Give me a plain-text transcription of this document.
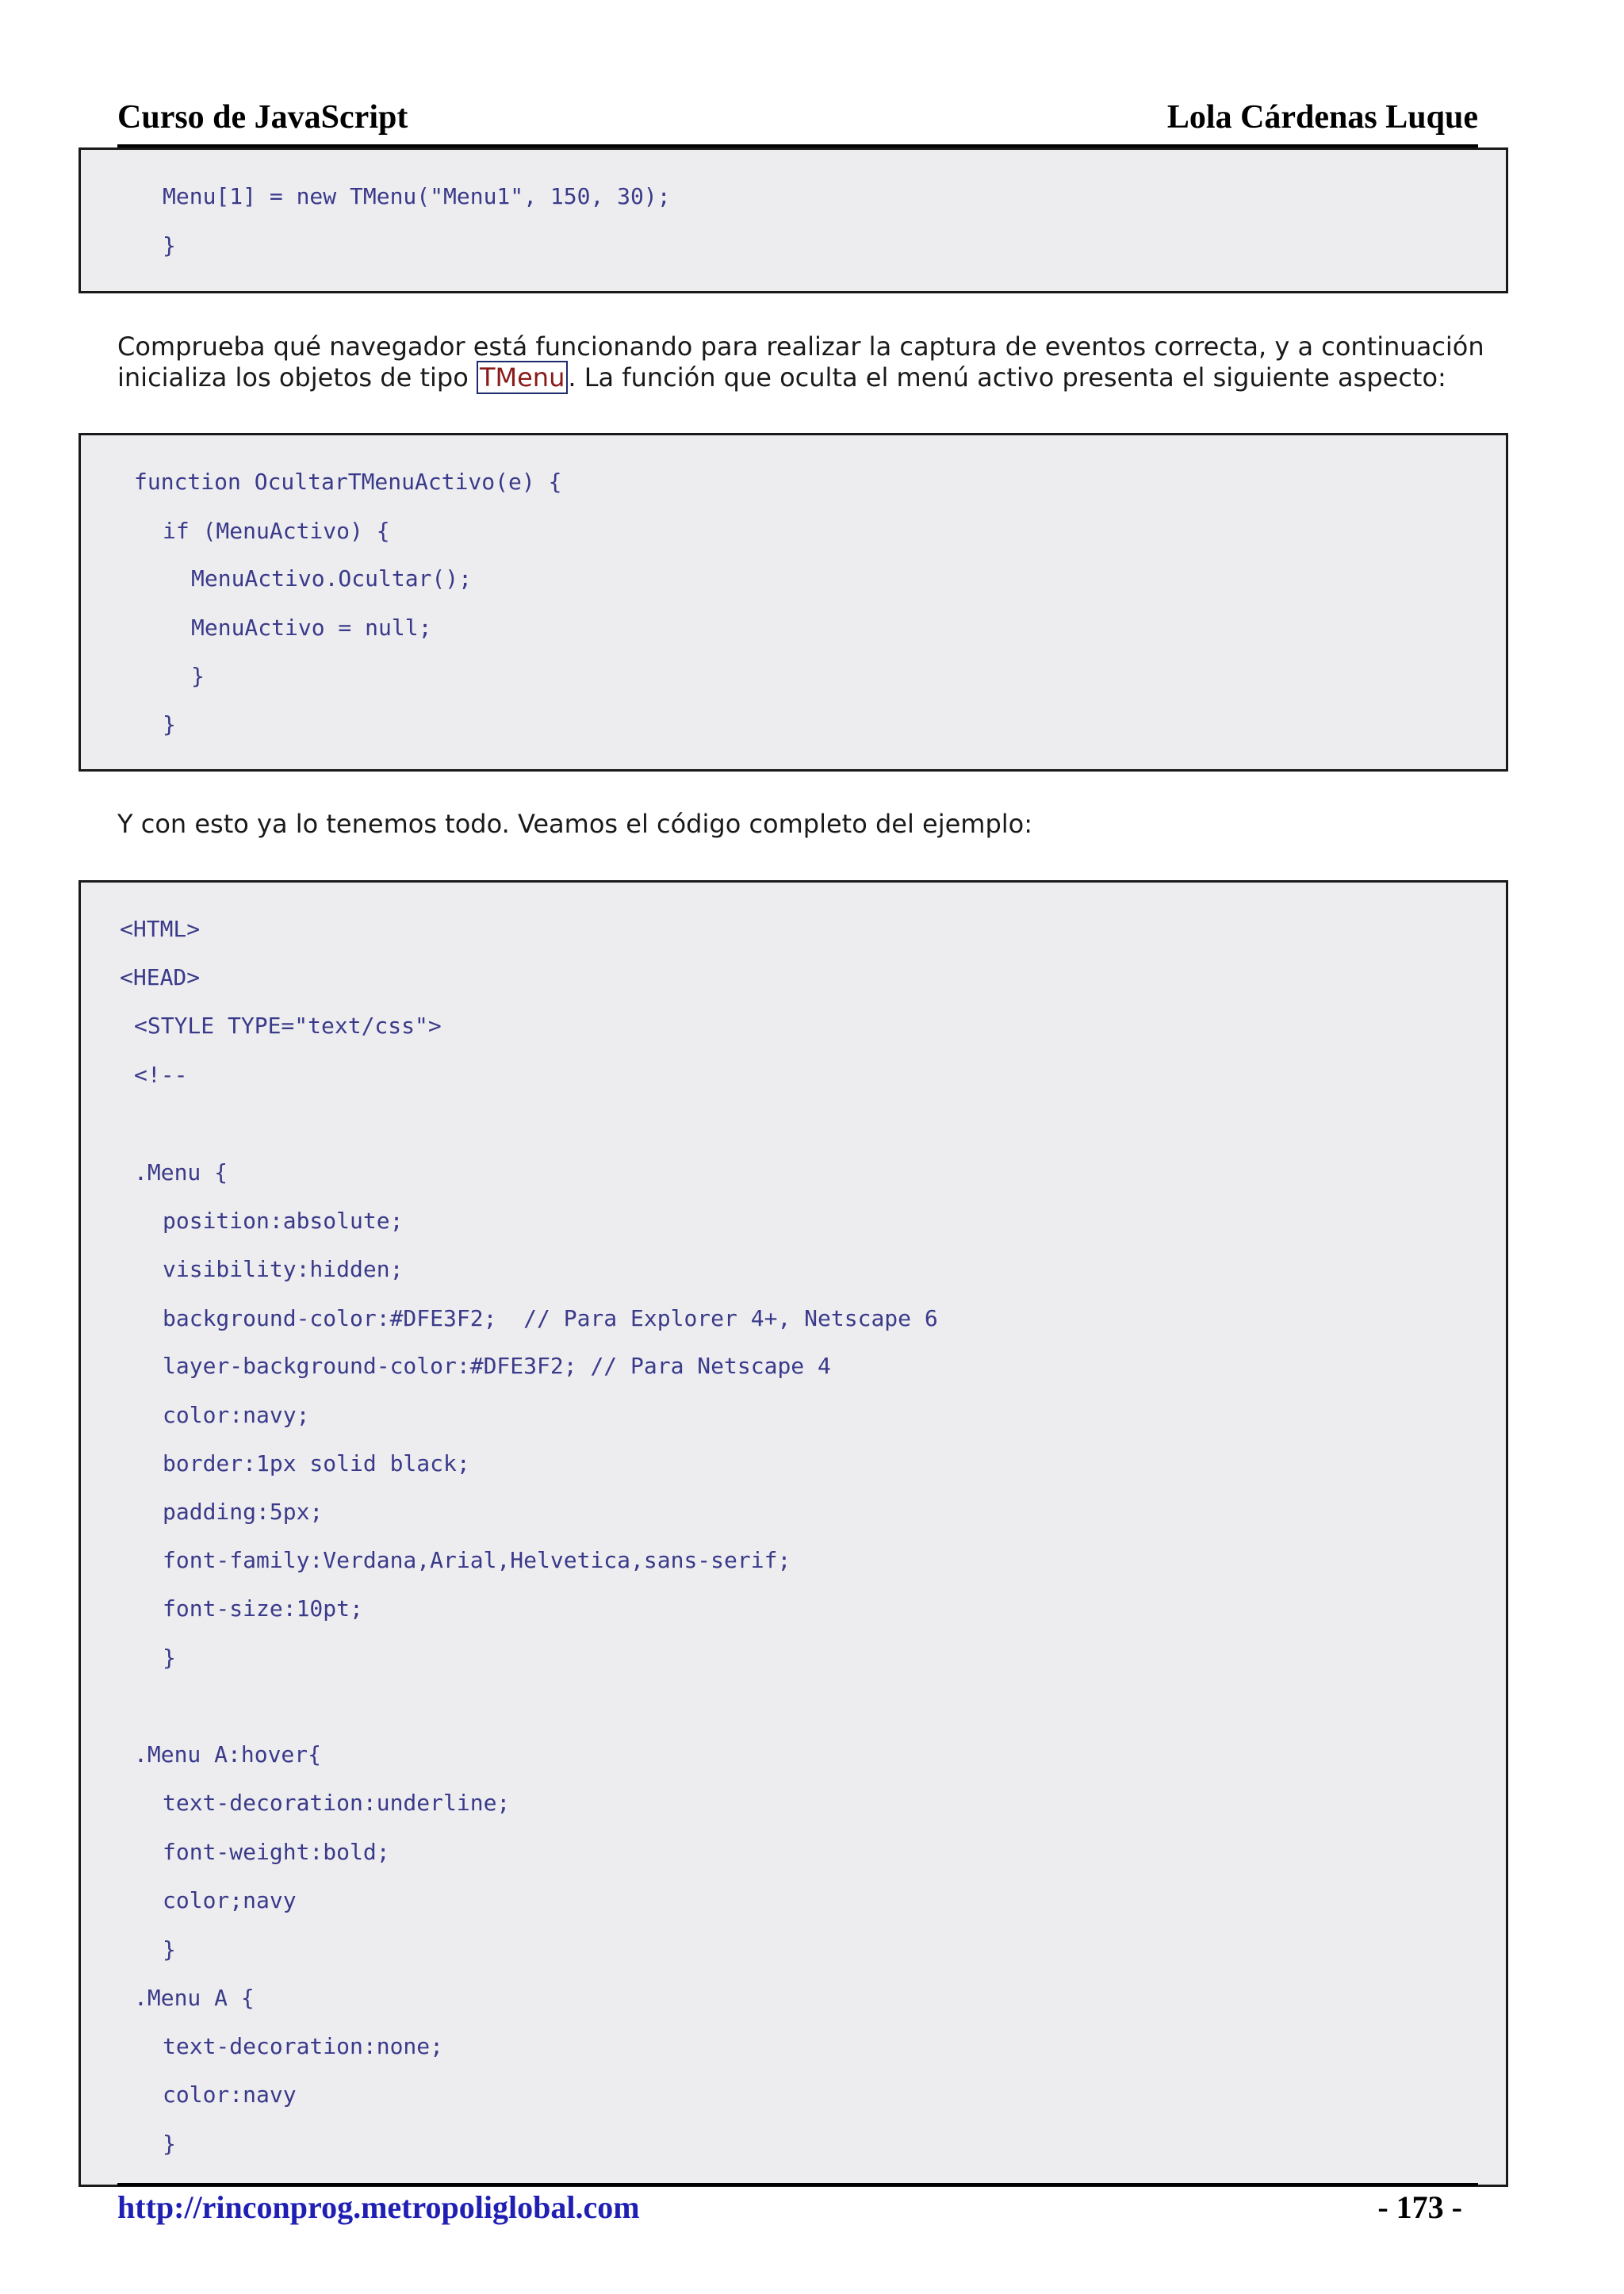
Curso de JavaScript	Lola Cárdenas Luque
Menu[1] = new TMenu("Menu1", 150, 30);
}
Comprueba qué navegador está funcionando para realizar la captura de eventos correcta, y a continuación inicializa los objetos de tipo TMenu . La función que oculta el menú activo presenta el siguiente aspecto:
function OcultarTMenuActivo(e) {
if (MenuActivo) {
MenuActivo.Ocultar();
MenuActivo = null;
}
}
Y con esto ya lo tenemos todo. Veamos el código completo del ejemplo:
<HTML>
<HEAD>
<STYLE TYPE="text/css">
<!--
.Menu {
position:absolute;
visibility:hidden;
background-color:#DFE3F2;  // Para Explorer 4+, Netscape 6
layer-background-color:#DFE3F2; // Para Netscape 4
color:navy;
border:1px solid black;
padding:5px;
font-family:Verdana,Arial,Helvetica,sans-serif;
font-size:10pt;
}
.Menu A:hover{
text-decoration:underline;
font-weight:bold;
color;navy
}
.Menu A {
text-decoration:none;
color:navy
}
http://rinconprog.metropoliglobal.com	- 173 -
